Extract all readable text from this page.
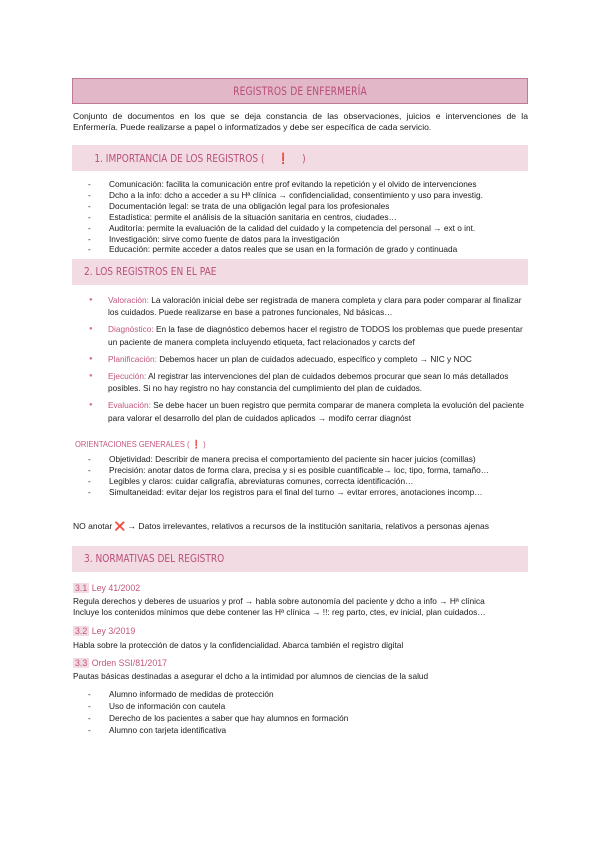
REGISTROS DE ENFERMERÍA
Conjunto de documentos en los que se deja constancia de las observaciones, juicios e intervenciones de la Enfermería. Puede realizarse a papel o informatizados y debe ser específica de cada servicio.
1. IMPORTANCIA DE LOS REGISTROS ( ❗ )
- Comunicación: facilita la comunicación entre prof evitando la repetición y el olvido de intervenciones
- Dcho a la info: dcho a acceder a su Hª clínica → confidencialidad, consentimiento y uso para investig.
- Documentación legal: se trata de una obligación legal para los profesionales
- Estadística: permite el análisis de la situación sanitaria en centros, ciudades…
- Auditoría: permite la evaluación de la calidad del cuidado y la competencia del personal → ext o int.
- Investigación: sirve como fuente de datos para la investigación
- Educación: permite acceder a datos reales que se usan en la formación de grado y continuada
2. LOS REGISTROS EN EL PAE
● Valoración: La valoración inicial debe ser registrada de manera completa y clara para poder comparar al finalizar los cuidados. Puede realizarse en base a patrones funcionales, Nd básicas…
● Diagnóstico: En la fase de diagnóstico debemos hacer el registro de TODOS los problemas que puede presentar un paciente de manera completa incluyendo etiqueta, fact relacionados y carcts def
● Planificación: Debemos hacer un plan de cuidados adecuado, específico y completo → NIC y NOC
● Ejecución: Al registrar las intervenciones del plan de cuidados debemos procurar que sean lo más detallados posibles. Si no hay registro no hay constancia del cumplimiento del plan de cuidados.
● Evaluación: Se debe hacer un buen registro que permita comparar de manera completa la evolución del paciente para valorar el desarrollo del plan de cuidados aplicados → modifo cerrar diagnóst
ORIENTACIONES GENERALES ( ❗ )
- Objetividad: Describir de manera precisa el comportamiento del paciente sin hacer juicios (comillas)
- Precisión: anotar datos de forma clara, precisa y si es posible cuantificable→ loc, tipo, forma, tamaño…
- Legibles y claros: cuidar caligrafía, abreviaturas comunes, correcta identificación…
- Simultaneidad: evitar dejar los registros para el final del turno → evitar errores, anotaciones incomp…
NO anotar ❌ → Datos irrelevantes, relativos a recursos de la institución sanitaria, relativos a personas ajenas
3. NORMATIVAS DEL REGISTRO
3.1 Ley 41/2002
Regula derechos y deberes de usuarios y prof → habla sobre autonomía del paciente y dcho a info → Hª clínica
Incluye los contenidos mínimos que debe contener las Hª clínica → !!: reg parto, ctes, ev inicial, plan cuidados…
3.2 Ley 3/2019
Habla sobre la protección de datos y la confidencialidad. Abarca también el registro digital
3.3 Orden SSI/81/2017
Pautas básicas destinadas a asegurar el dcho a la intimidad por alumnos de ciencias de la salud
- Alumno informado de medidas de protección
- Uso de información con cautela
- Derecho de los pacientes a saber que hay alumnos en formación
- Alumno con tarjeta identificativa
